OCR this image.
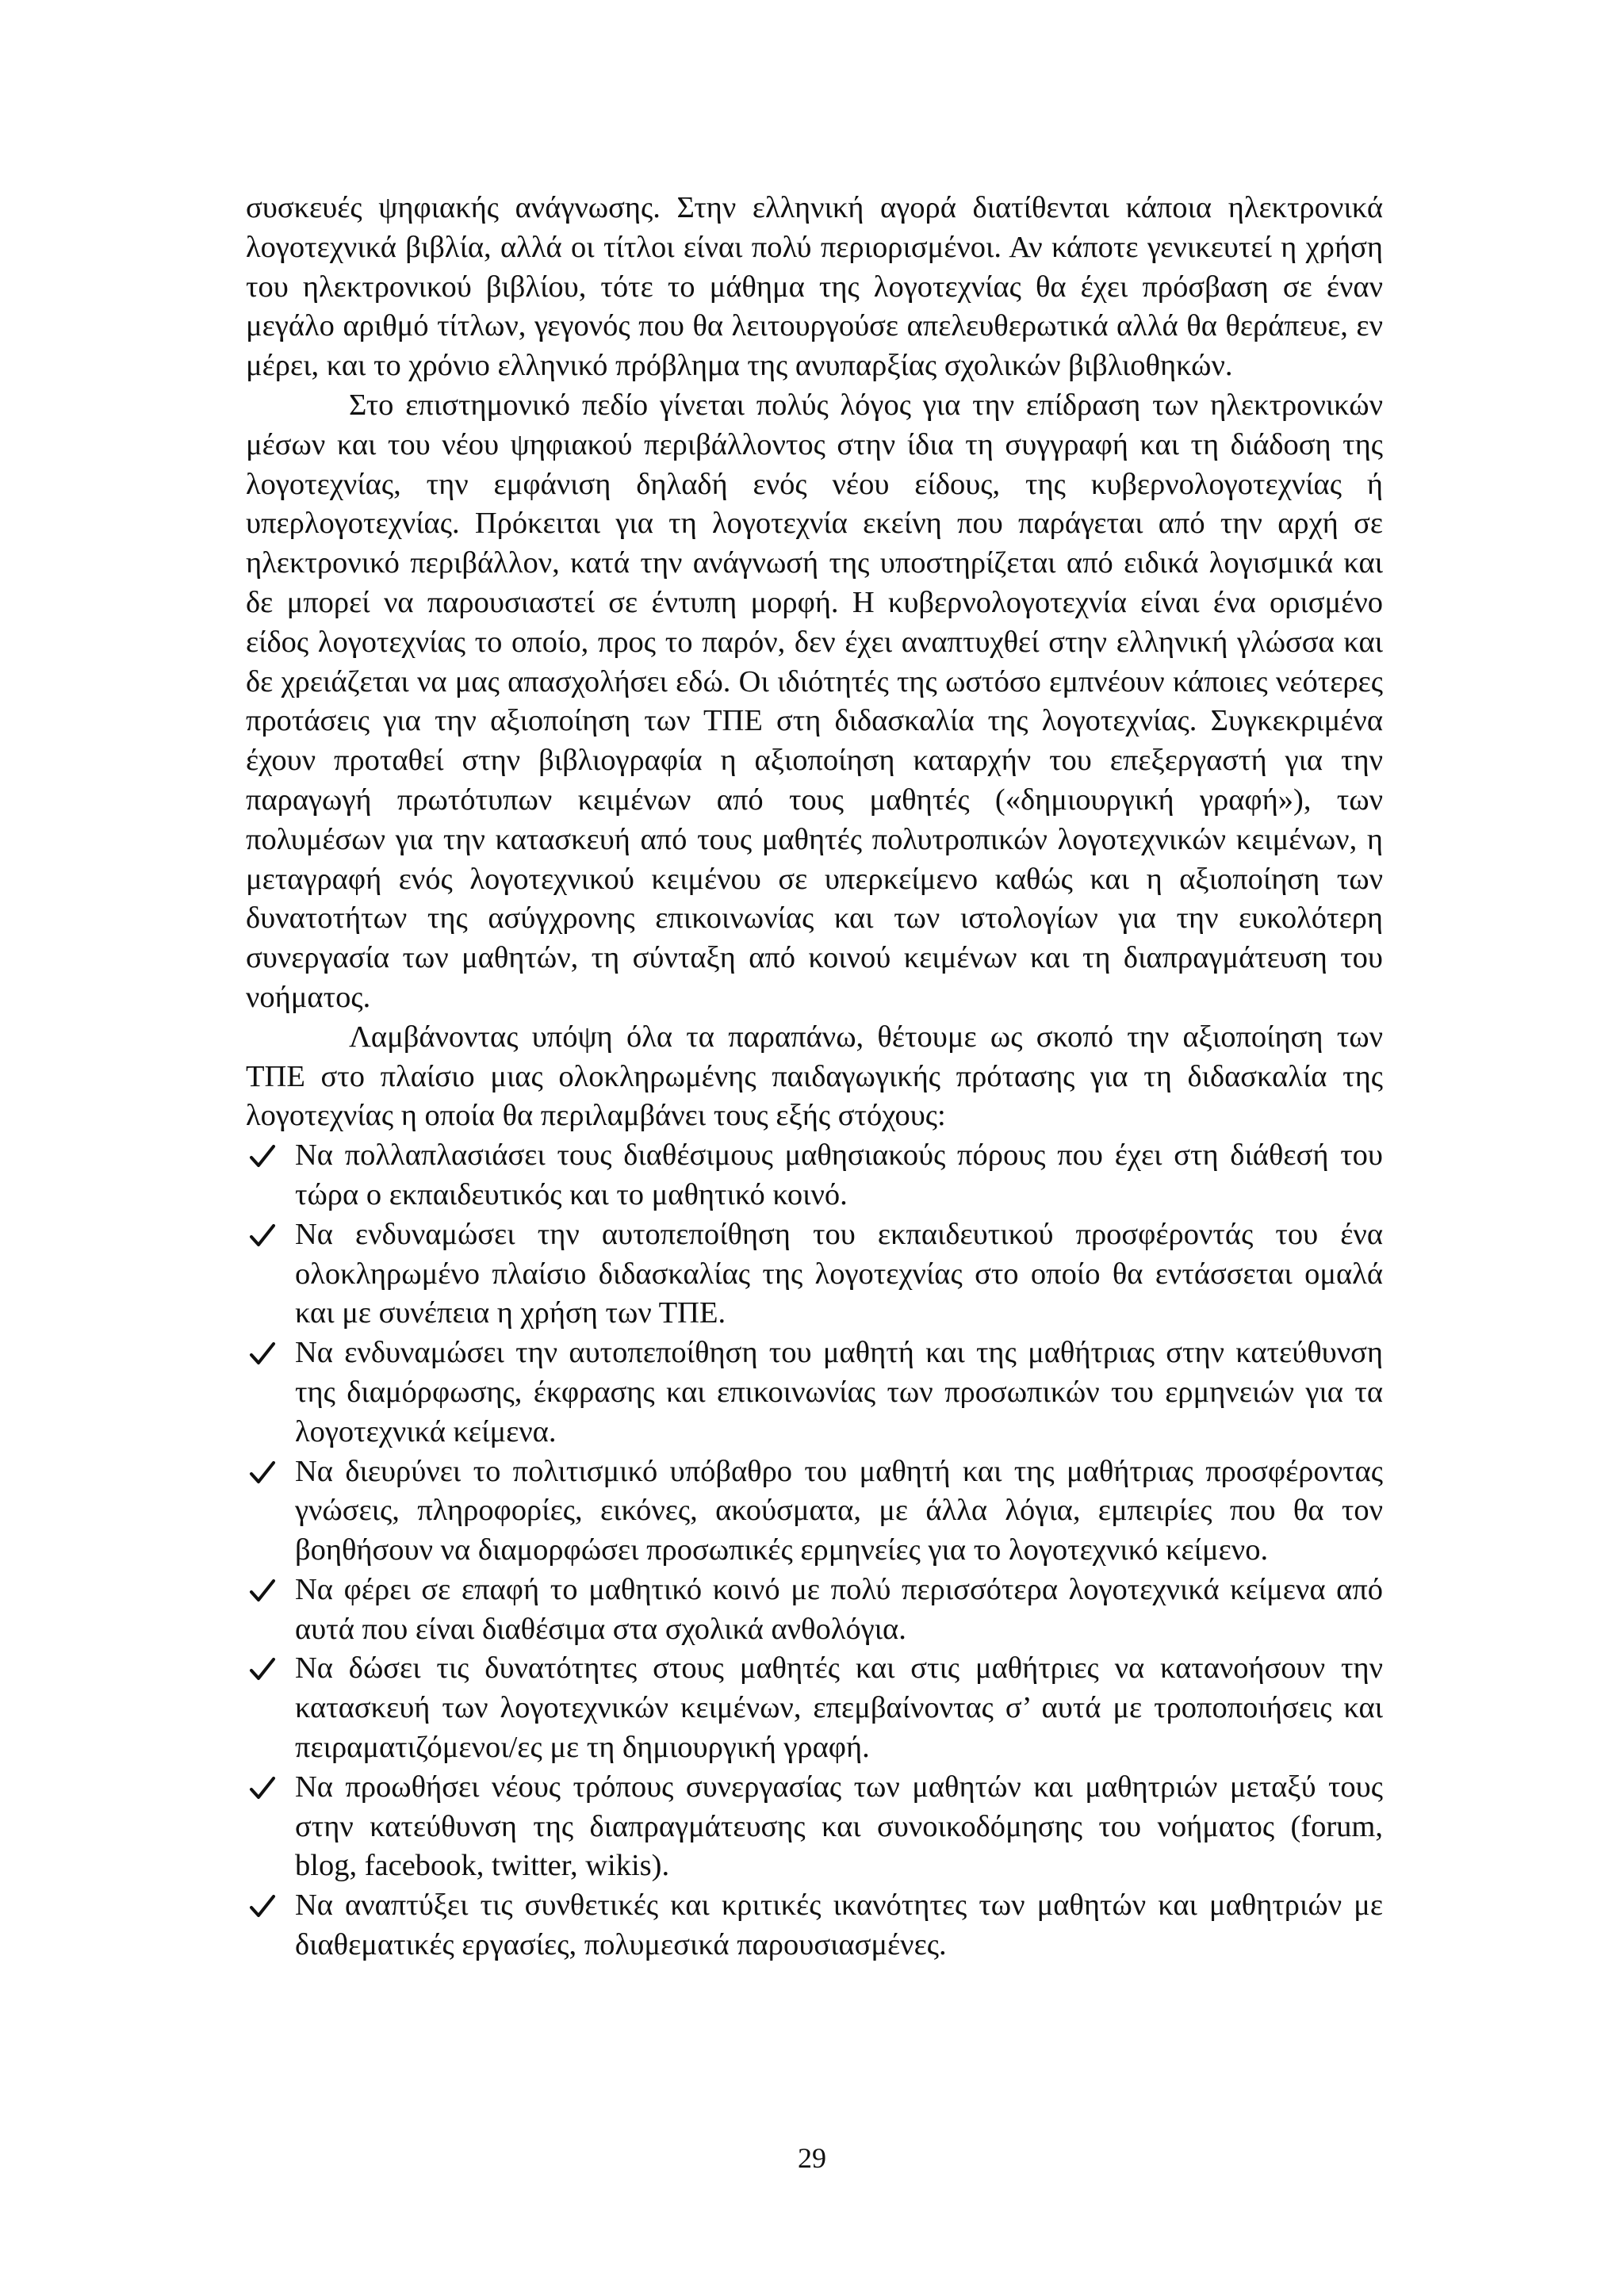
συσκευές ψηφιακής ανάγνωσης. Στην ελληνική αγορά διατίθενται κάποια ηλεκτρονικά λογοτεχνικά βιβλία, αλλά οι τίτλοι είναι πολύ περιορισμένοι. Αν κάποτε γενικευτεί η χρήση του ηλεκτρονικού βιβλίου, τότε το μάθημα της λογοτεχνίας θα έχει πρόσβαση σε έναν μεγάλο αριθμό τίτλων, γεγονός που θα λειτουργούσε απελευθερωτικά αλλά θα θεράπευε, εν μέρει, και το χρόνιο ελληνικό πρόβλημα της ανυπαρξίας σχολικών βιβλιοθηκών.

Στο επιστημονικό πεδίο γίνεται πολύς λόγος για την επίδραση των ηλεκτρονικών μέσων και του νέου ψηφιακού περιβάλλοντος στην ίδια τη συγγραφή και τη διάδοση της λογοτεχνίας, την εμφάνιση δηλαδή ενός νέου είδους, της κυβερνολογοτεχνίας ή υπερλογοτεχνίας. Πρόκειται για τη λογοτεχνία εκείνη που παράγεται από την αρχή σε ηλεκτρονικό περιβάλλον, κατά την ανάγνωσή της υποστηρίζεται από ειδικά λογισμικά και δε μπορεί να παρουσιαστεί σε έντυπη μορφή. Η κυβερνολογοτεχνία είναι ένα ορισμένο είδος λογοτεχνίας το οποίο, προς το παρόν, δεν έχει αναπτυχθεί στην ελληνική γλώσσα και δε χρειάζεται να μας απασχολήσει εδώ. Οι ιδιότητές της ωστόσο εμπνέουν κάποιες νεότερες προτάσεις για την αξιοποίηση των ΤΠΕ στη διδασκαλία της λογοτεχνίας. Συγκεκριμένα έχουν προταθεί στην βιβλιογραφία η αξιοποίηση καταρχήν του επεξεργαστή για την παραγωγή πρωτότυπων κειμένων από τους μαθητές («δημιουργική γραφή»), των πολυμέσων για την κατασκευή από τους μαθητές πολυτροπικών λογοτεχνικών κειμένων, η μεταγραφή ενός λογοτεχνικού κειμένου σε υπερκείμενο καθώς και η αξιοποίηση των δυνατοτήτων της ασύγχρονης επικοινωνίας και των ιστολογίων για την ευκολότερη συνεργασία των μαθητών, τη σύνταξη από κοινού κειμένων και τη διαπραγμάτευση του νοήματος.

Λαμβάνοντας υπόψη όλα τα παραπάνω, θέτουμε ως σκοπό την αξιοποίηση των ΤΠΕ στο πλαίσιο μιας ολοκληρωμένης παιδαγωγικής πρότασης για τη διδασκαλία της λογοτεχνίας η οποία θα περιλαμβάνει τους εξής στόχους:

Να πολλαπλασιάσει τους διαθέσιμους μαθησιακούς πόρους που έχει στη διάθεσή του τώρα ο εκπαιδευτικός και το μαθητικό κοινό.
Να ενδυναμώσει την αυτοπεποίθηση του εκπαιδευτικού προσφέροντάς του ένα ολοκληρωμένο πλαίσιο διδασκαλίας της λογοτεχνίας στο οποίο θα εντάσσεται ομαλά και με συνέπεια η χρήση των ΤΠΕ.
Να ενδυναμώσει την αυτοπεποίθηση του μαθητή και της μαθήτριας στην κατεύθυνση της διαμόρφωσης, έκφρασης και επικοινωνίας των προσωπικών του ερμηνειών για τα λογοτεχνικά κείμενα.
Να διευρύνει το πολιτισμικό υπόβαθρο του μαθητή και της μαθήτριας προσφέροντας γνώσεις, πληροφορίες, εικόνες, ακούσματα, με άλλα λόγια, εμπειρίες που θα τον βοηθήσουν να διαμορφώσει προσωπικές ερμηνείες για το λογοτεχνικό κείμενο.
Να φέρει σε επαφή το μαθητικό κοινό με πολύ περισσότερα λογοτεχνικά κείμενα από αυτά που είναι διαθέσιμα στα σχολικά ανθολόγια.
Να δώσει τις δυνατότητες στους μαθητές και στις μαθήτριες να κατανοήσουν την κατασκευή των λογοτεχνικών κειμένων, επεμβαίνοντας σ’ αυτά με τροποποιήσεις και πειραματιζόμενοι/ες με τη δημιουργική γραφή.
Να προωθήσει νέους τρόπους συνεργασίας των μαθητών και μαθητριών μεταξύ τους στην κατεύθυνση της διαπραγμάτευσης και συνοικοδόμησης του νοήματος (forum, blog, facebook, twitter, wikis).
Να αναπτύξει τις συνθετικές και κριτικές ικανότητες των μαθητών και μαθητριών με διαθεματικές εργασίες, πολυμεσικά παρουσιασμένες.
29
